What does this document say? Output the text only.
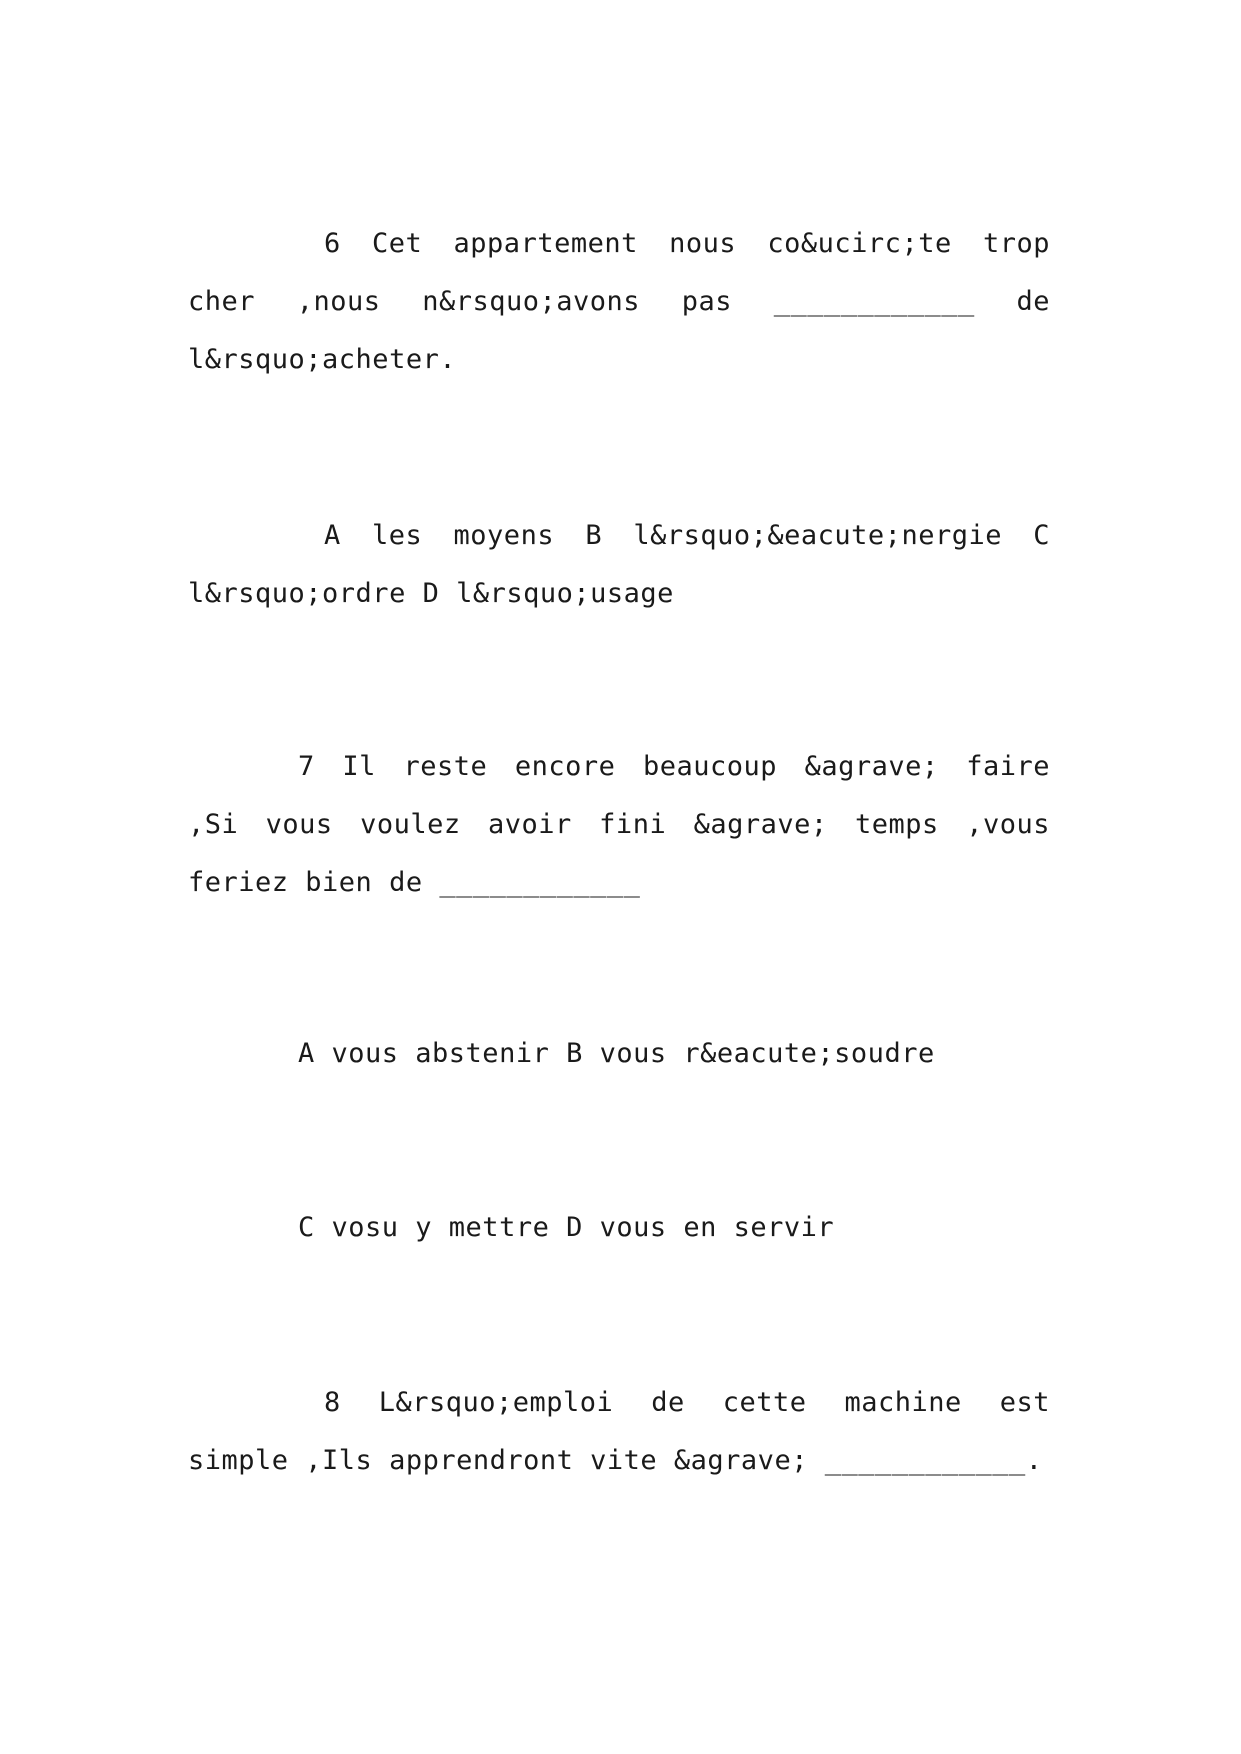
6 Cet appartement nous co&ucirc;te trop cher ,nous n&rsquo;avons pas ____________ de l&rsquo;acheter.
A les moyens B l&rsquo;&eacute;nergie C l&rsquo;ordre D l&rsquo;usage
7 Il reste encore beaucoup &agrave; faire ,Si vous voulez avoir fini &agrave; temps ,vous feriez bien de ____________
A vous abstenir B vous r&eacute;soudre
C vosu y mettre D vous en servir
8 L&rsquo;emploi de cette machine est simple ,Ils apprendront vite &agrave; ____________.
